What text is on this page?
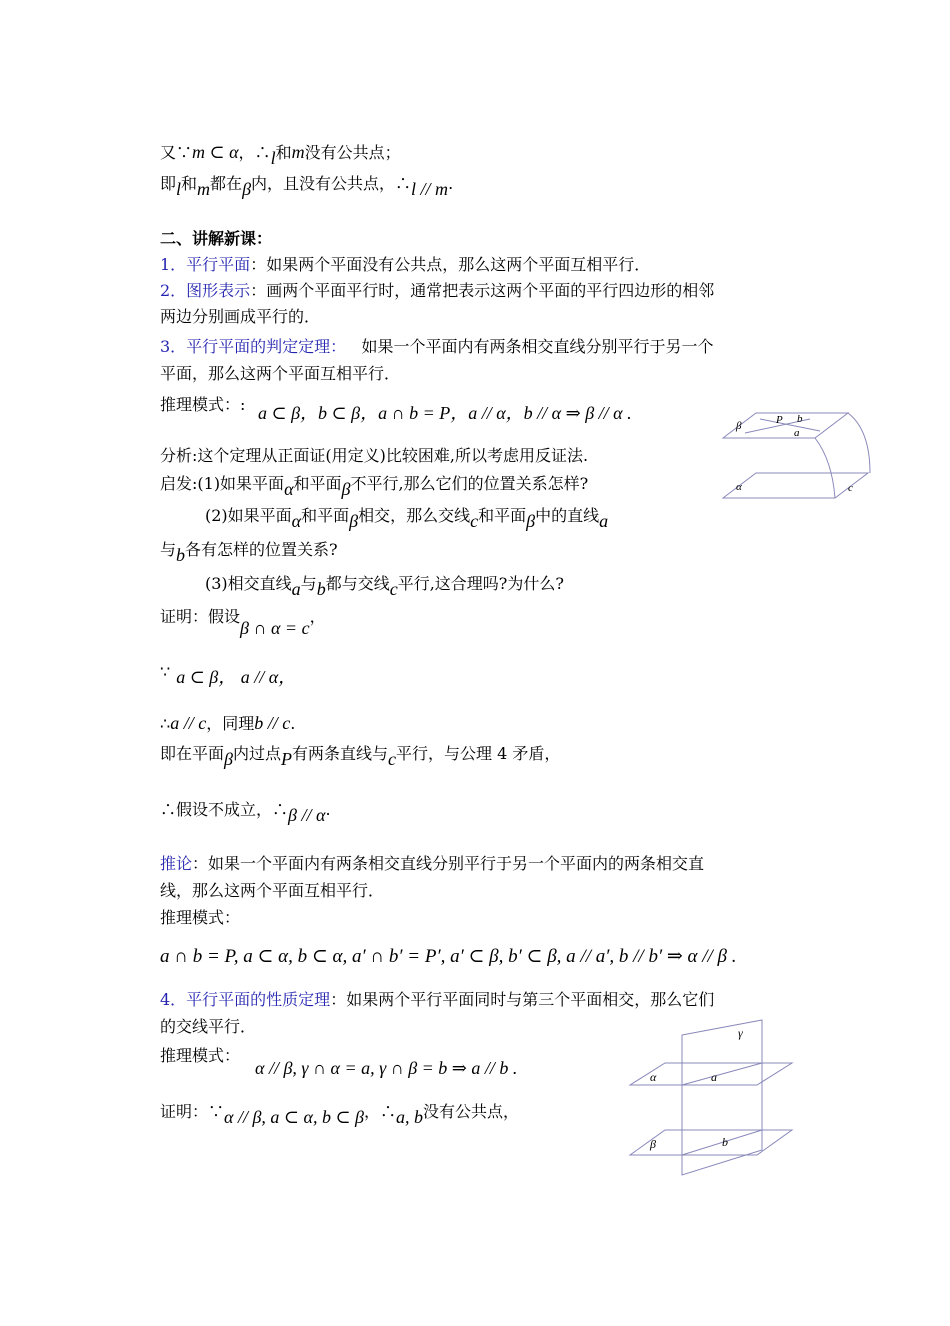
又∵m ⊂ α，∴l和m没有公共点；
即l和m都在β内，且没有公共点，∴l // m.
二、讲解新课：
1．平行平面：如果两个平面没有公共点，那么这两个平面互相平行．
2．图形表示：画两个平面平行时，通常把表示这两个平面的平行四边形的相邻
两边分别画成平行的．
3．平行平面的判定定理：   如果一个平面内有两条相交直线分别平行于另一个
平面，那么这两个平面互相平行．
推理模式：: a ⊂ β，b ⊂ β，a ∩ b = P，a // α，b // α ⇒ β // α .
β	P b
a
α	c
分析:这个定理从正面证(用定义)比较困难,所以考虑用反证法.
启发:(1)如果平面α和平面β不平行,那么它们的位置关系怎样?
(2)如果平面α和平面β相交，那么交线c和平面β中的直线a
与b各有怎样的位置关系?
(3)相交直线a与b都与交线c平行,这合理吗?为什么?
证明：假设β ∩ α = c，
∵ a ⊂ β， a // α，
∴a // c，同理b // c.
即在平面β内过点P有两条直线与c平行，与公理 4 矛盾，
∴假设不成立，∴β // α.
推论：如果一个平面内有两条相交直线分别平行于另一个平面内的两条相交直
线，那么这两个平面互相平行．
推理模式：
a ∩ b = P, a ⊂ α, b ⊂ α, a′ ∩ b′ = P′, a′ ⊂ β, b′ ⊂ β, a // a′, b // b′ ⇒ α // β .
4．平行平面的性质定理：如果两个平行平面同时与第三个平面相交，那么它们
的交线平行．
推理模式：
α // β, γ ∩ α = a, γ ∩ β = b ⇒ a // b .
证明：∵α // β, a ⊂ α, b ⊂ β，∴a, b没有公共点，
γ
α	a
β	b
